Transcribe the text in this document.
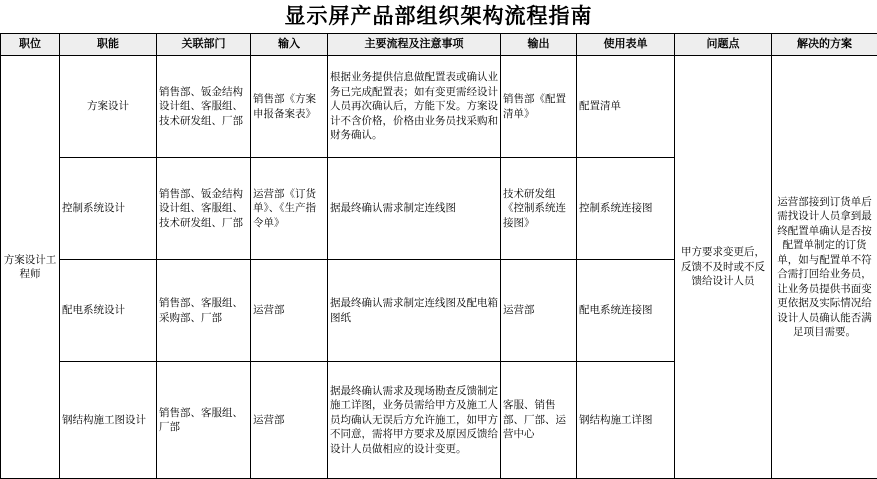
显示屏产品部组织架构流程指南
职位	职能	关联部门	输入	主要流程及注意事项	输出	使用表单	问题点	解决的方案
方案设计工程师	方案设计	销售部、钣金结构设计组、客服组、技术研发组、厂部	销售部《方案申报备案表》	根据业务提供信息做配置表或确认业务已完成配置表；如有变更需经设计人员再次确认后，方能下发。方案设计不含价格，价格由业务员找采购和财务确认。	销售部《配置清单》	配置清单	甲方要求变更后，反馈不及时或不反馈给设计人员	运营部接到订货单后需找设计人员拿到最终配置单确认是否按配置单制定的订货单，如与配置单不符合需打回给业务员，让业务员提供书面变更依据及实际情况给设计人员确认能否满足项目需要。
	控制系统设计	销售部、钣金结构设计组、客服组、技术研发组、厂部	运营部《订货单》、《生产指令单》	据最终确认需求制定连线图	技术研发组《控制系统连接图》	控制系统连接图		
	配电系统设计	销售部、客服组、采购部、厂部	运营部	据最终确认需求制定连线图及配电箱图纸	运营部	配电系统连接图		
	钢结构施工图设计	销售部、客服组、厂部	运营部	据最终确认需求及现场勘查反馈制定施工详图，业务员需给甲方及施工人员均确认无误后方允许施工，如甲方不同意，需将甲方要求及原因反馈给设计人员做相应的设计变更。	客服、销售部、厂部、运营中心	钢结构施工详图		
